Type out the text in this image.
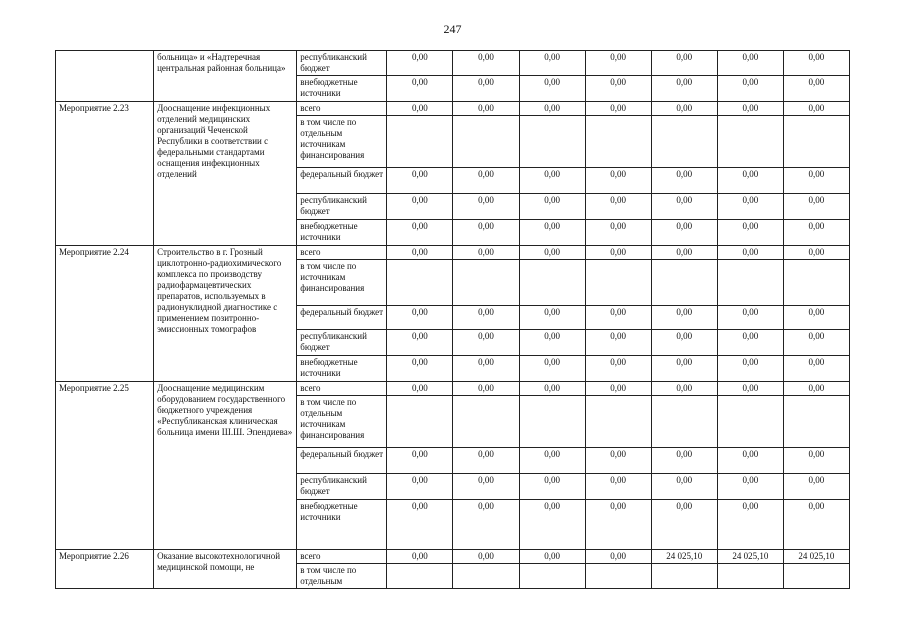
247
	больница» и «Надтеречная центральная районная больница»	республиканский бюджет	0,00	0,00	0,00	0,00	0,00	0,00	0,00
		внебюджетные источники	0,00	0,00	0,00	0,00	0,00	0,00	0,00
Мероприятие 2.23	Дооснащение инфекционных отделений медицинских организаций Чеченской Республики в соответствии с федеральными стандартами оснащения инфекционных отделений	всего	0,00	0,00	0,00	0,00	0,00	0,00	0,00
		в том числе по отдельным источникам финансирования							
		федеральный бюджет	0,00	0,00	0,00	0,00	0,00	0,00	0,00
		республиканский бюджет	0,00	0,00	0,00	0,00	0,00	0,00	0,00
		внебюджетные источники	0,00	0,00	0,00	0,00	0,00	0,00	0,00
Мероприятие 2.24	Строительство в г. Грозный циклотронно-радиохимического комплекса по производству радиофармацевтических препаратов, используемых в радионуклидной диагностике с применением позитронно-эмиссионных томографов	всего	0,00	0,00	0,00	0,00	0,00	0,00	0,00
		в том числе по источникам финансирования							
		федеральный бюджет	0,00	0,00	0,00	0,00	0,00	0,00	0,00
		республиканский бюджет	0,00	0,00	0,00	0,00	0,00	0,00	0,00
		внебюджетные источники	0,00	0,00	0,00	0,00	0,00	0,00	0,00
Мероприятие 2.25	Дооснащение медицинским оборудованием государственного бюджетного учреждения «Республиканская клиническая больница имени Ш.Ш. Эпендиева»	всего	0,00	0,00	0,00	0,00	0,00	0,00	0,00
		в том числе по отдельным источникам финансирования							
		федеральный бюджет	0,00	0,00	0,00	0,00	0,00	0,00	0,00
		республиканский бюджет	0,00	0,00	0,00	0,00	0,00	0,00	0,00
		внебюджетные источники	0,00	0,00	0,00	0,00	0,00	0,00	0,00
Мероприятие 2.26	Оказание высокотехнологичной медицинской помощи, не	всего	0,00	0,00	0,00	0,00	24 025,10	24 025,10	24 025,10
		в том числе по отдельным							
